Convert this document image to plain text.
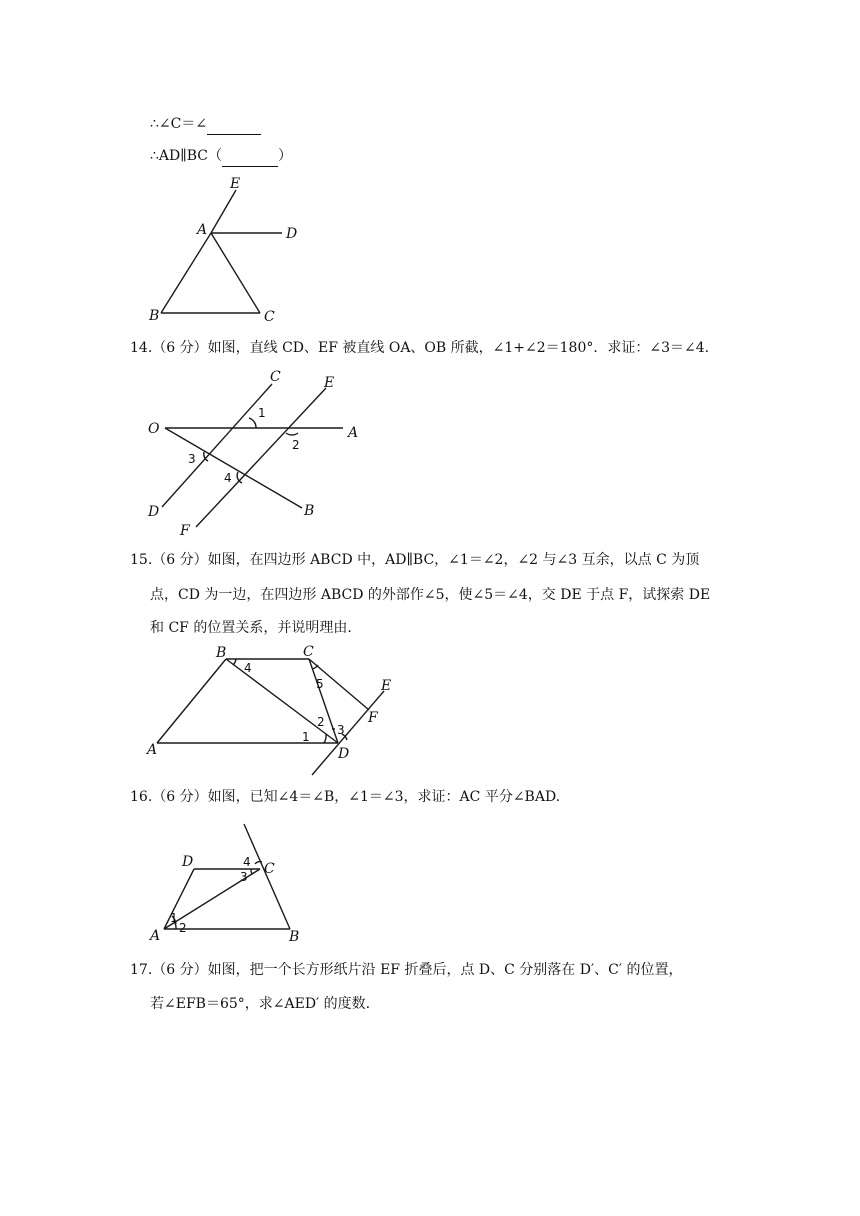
∴∠C＝∠
∴AD∥BC（	）
E
A	D
B	C
14.（6 分）如图，直线 CD、EF 被直线 OA、OB 所截，∠1+∠2＝180°．求证：∠3＝∠4.
C	E
O	A
D
F
B
1
2
3
4
15.（6 分）如图，在四边形 ABCD 中，AD∥BC，∠1＝∠2，∠2 与∠3 互余，以点 C 为顶
点，CD 为一边，在四边形 ABCD 的外部作∠5，使∠5＝∠4，交 DE 于点 F，试探索 DE
和 CF 的位置关系，并说明理由.
B	C
E
F
A	D
1
2
3
4
5
16.（6 分）如图，已知∠4＝∠B，∠1＝∠3，求证：AC 平分∠BAD.
D	C
A	B
1
2
3
4
17.（6 分）如图，把一个长方形纸片沿 EF 折叠后，点 D、C 分别落在 D′、C′ 的位置，
若∠EFB＝65°，求∠AED′ 的度数.
